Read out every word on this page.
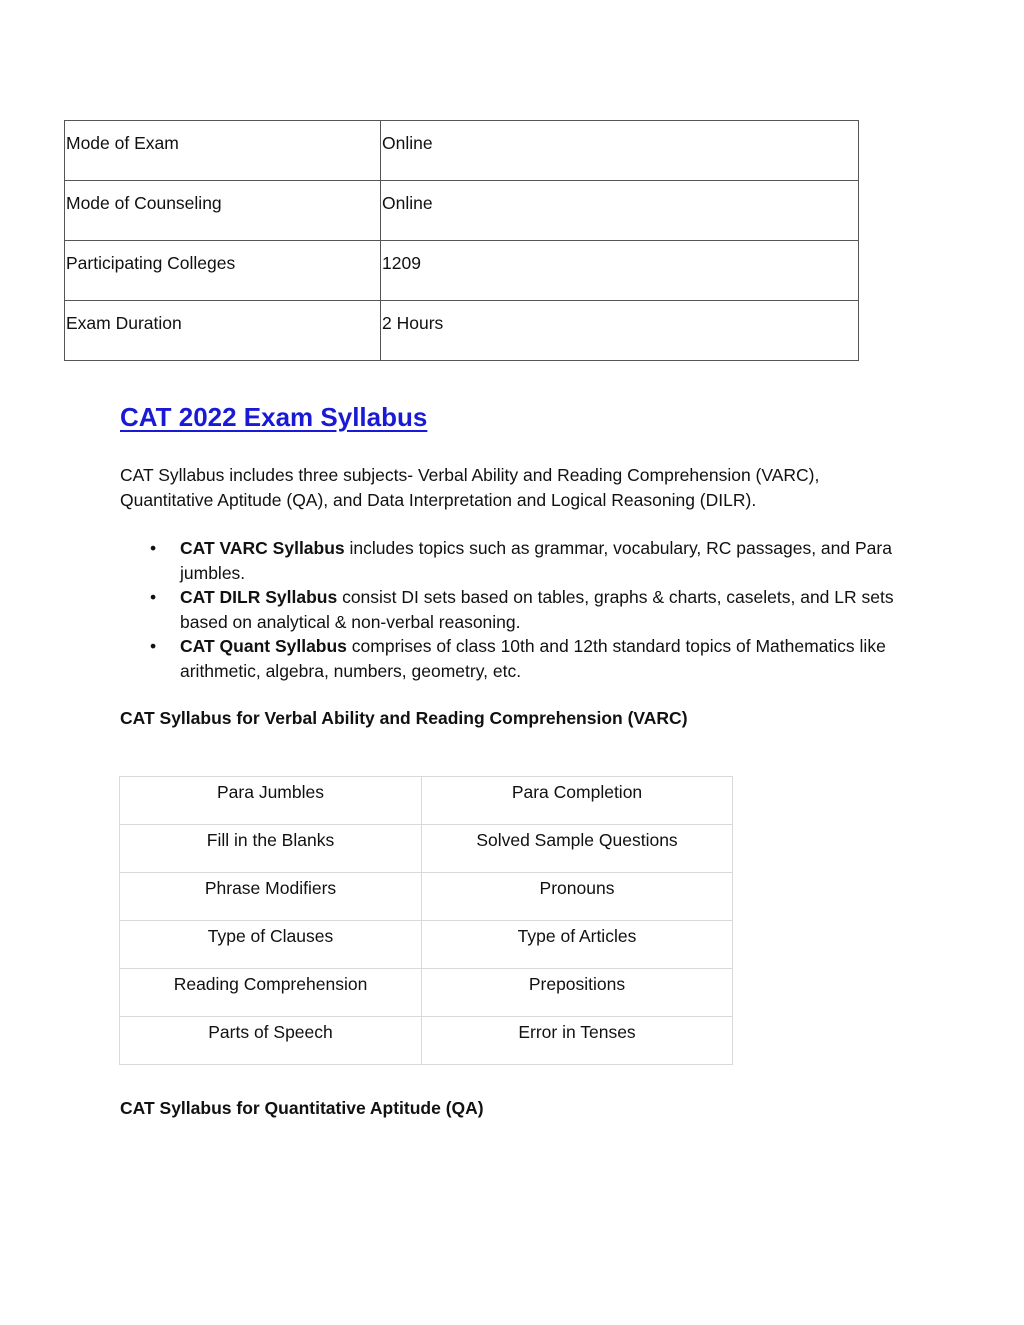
Mode of Exam	Online
Mode of Counseling	Online
Participating Colleges	1209
Exam Duration	2 Hours
CAT 2022 Exam Syllabus

CAT Syllabus includes three subjects- Verbal Ability and Reading Comprehension (VARC), Quantitative Aptitude (QA), and Data Interpretation and Logical Reasoning (DILR).

• CAT VARC Syllabus includes topics such as grammar, vocabulary, RC passages, and Para jumbles.
• CAT DILR Syllabus consist DI sets based on tables, graphs & charts, caselets, and LR sets based on analytical & non-verbal reasoning.
• CAT Quant Syllabus comprises of class 10th and 12th standard topics of Mathematics like arithmetic, algebra, numbers, geometry, etc.

CAT Syllabus for Verbal Ability and Reading Comprehension (VARC)

Para Jumbles	Para Completion
Fill in the Blanks	Solved Sample Questions
Phrase Modifiers	Pronouns
Type of Clauses	Type of Articles
Reading Comprehension	Prepositions
Parts of Speech	Error in Tenses

CAT Syllabus for Quantitative Aptitude (QA)
